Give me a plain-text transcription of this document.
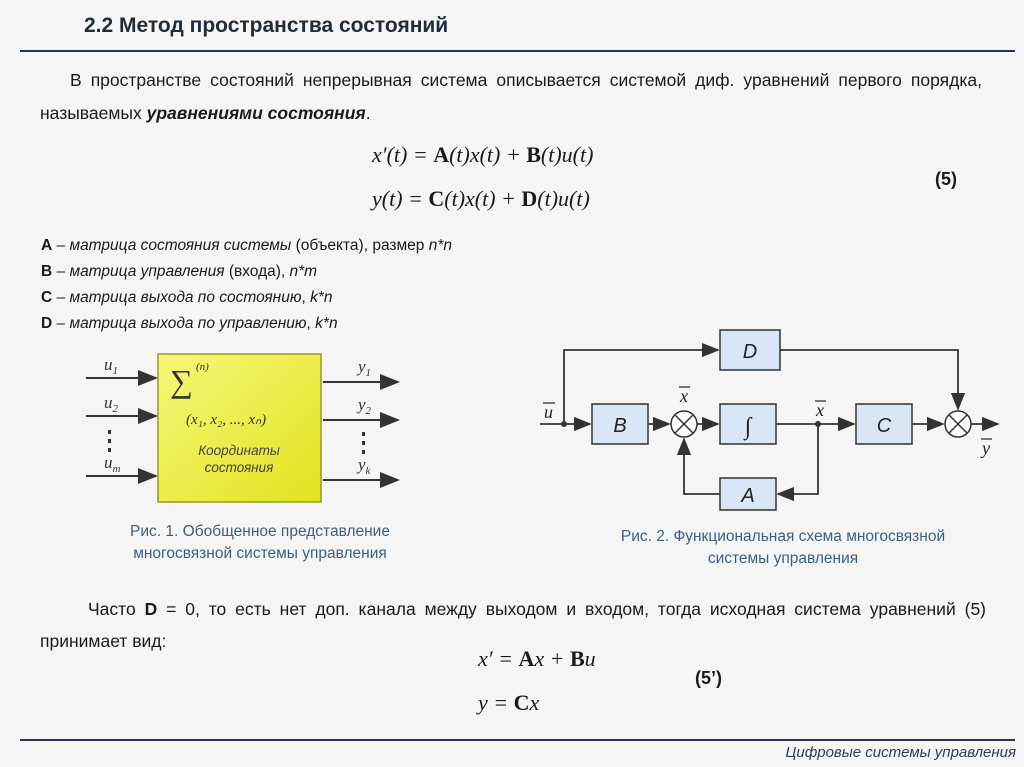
2.2 Метод пространства состояний
В пространстве состояний непрерывная система описывается системой диф. уравнений первого порядка, называемых уравнениями состояния.
x′(t) = A(t)x(t) + B(t)u(t)
y(t) = C(t)x(t) + D(t)u(t)
(5)
A – матрица состояния системы (объекта), размер n*n
B – матрица управления (входа), n*m
C – матрица выхода по состоянию, k*n
D – матрица выхода по управлению, k*n
$u_1$
$u_2$
$u_m$
$y_1$
$y_2$
$y_k$
∑ (n)
(x₁, x₂, ..., xₙ)
Координаты
состояния
Рис. 1. Обобщенное представление
многосвязной системы управления
D
B	∫	C
A
u
x
x
y
Рис. 2. Функциональная схема многосвязной
системы управления
Часто D = 0, то есть нет доп. канала между выходом и входом, тогда исходная система уравнений (5) принимает вид:
x′ = Ax + Bu
y = Cx
(5’)
Цифровые системы управления
